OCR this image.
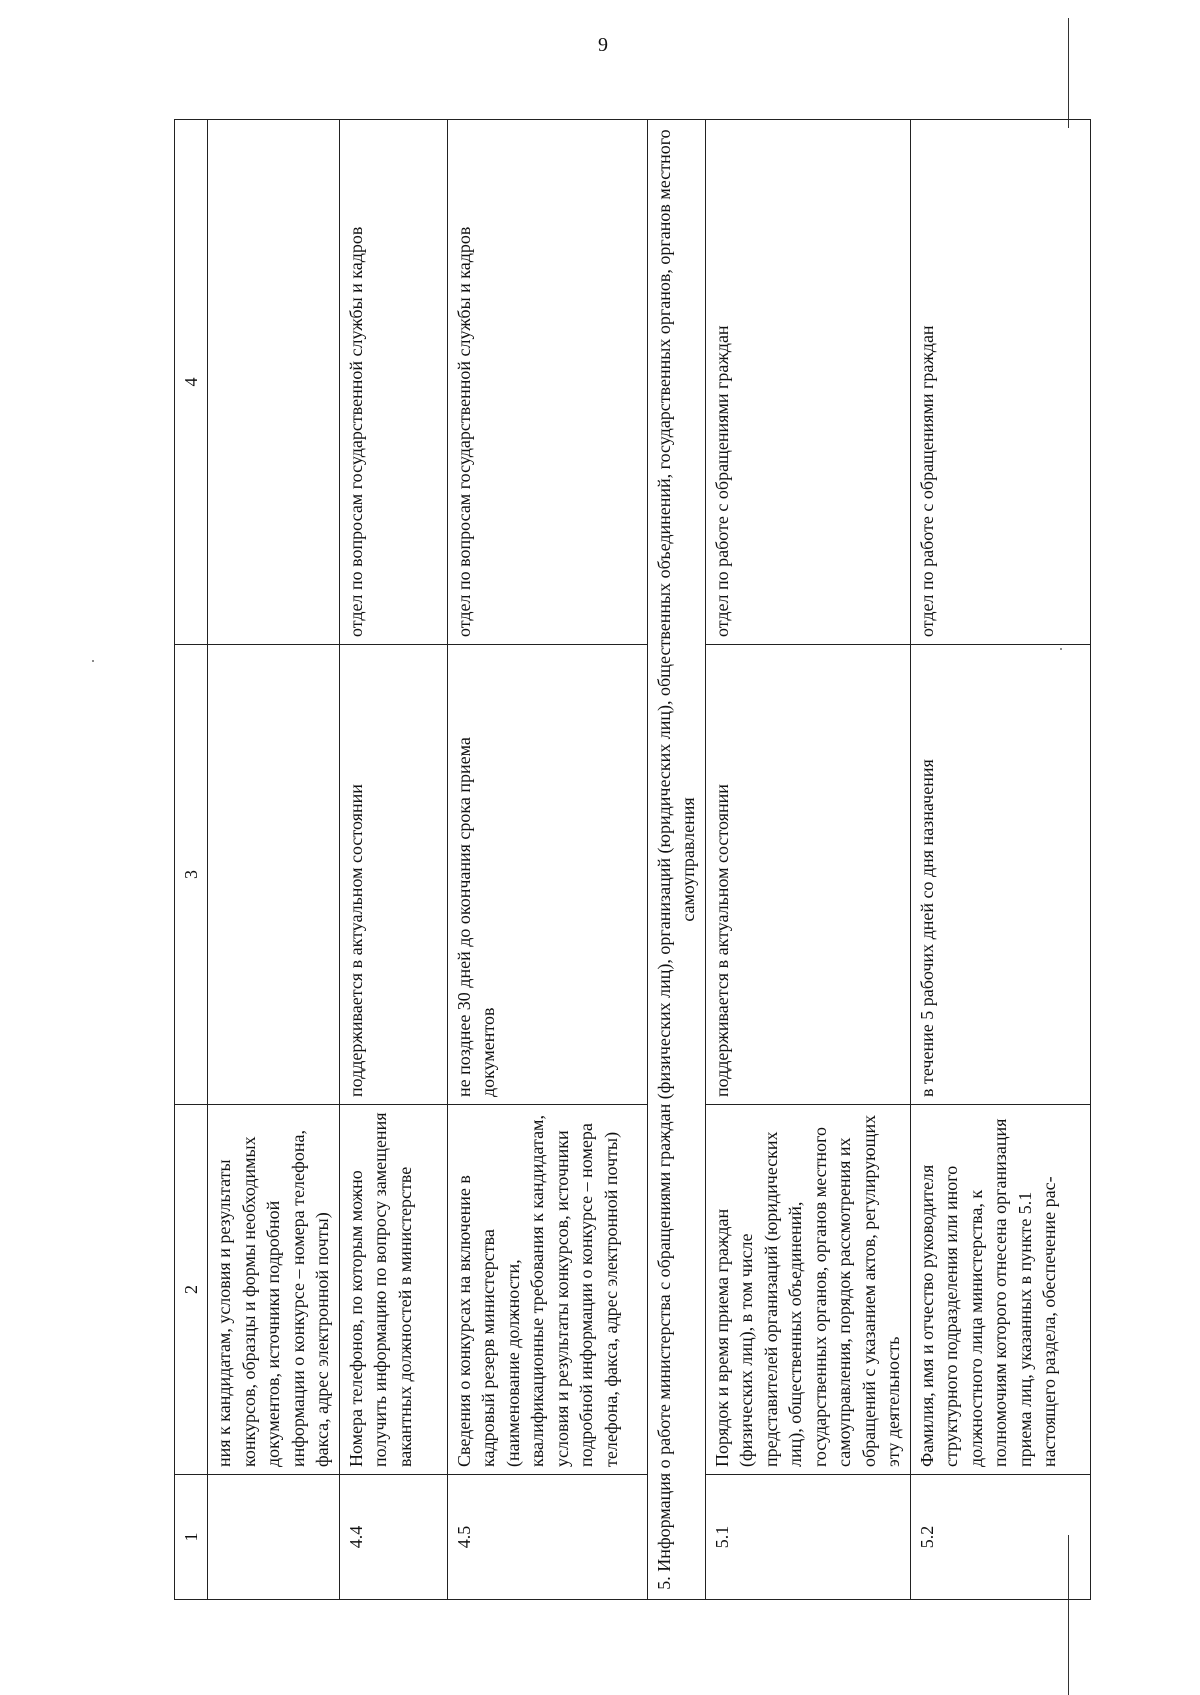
9
1	2	3	4
	ния к кандидатам, условия и результаты конкурсов, образцы и формы необходимых документов, источники подробной информации о конкурсе – номера телефона, факса, адрес электронной почты)		
4.4	Номера телефонов, по которым можно получить информацию по вопросу замещения вакантных должностей в министерстве	поддерживается в актуальном состоянии	отдел по вопросам государственной службы и кадров
4.5	Сведения о конкурсах на включение в кадровый резерв министерства (наименование должности, квалификационные требования к кандидатам, условия и результаты конкурсов, источники подробной информации о конкурсе – номера телефона, факса, адрес электронной почты)	не позднее 30 дней до окончания срока приема документов	отдел по вопросам государственной службы и кадров
5. Информация о работе министерства с обращениями граждан (физических лиц), организаций (юридических лиц), общественных объединений, государственных органов, органов местного самоуправления			
5.1	Порядок и время приема граждан (физических лиц), в том числе представителей организаций (юридических лиц), общественных объединений, государственных органов, органов местного самоуправления, порядок рассмотрения их обращений с указанием актов, регулирующих эту деятельность	поддерживается в актуальном состоянии	отдел по работе с обращениями граждан
5.2	Фамилия, имя и отчество руководителя структурного подразделения или иного должностного лица министерства, к полномочиям которого отнесена организация приема лиц, указанных в пункте 5.1 настоящего раздела, обеспечение рас-	в течение 5 рабочих дней со дня назначения	отдел по работе с обращениями граждан
